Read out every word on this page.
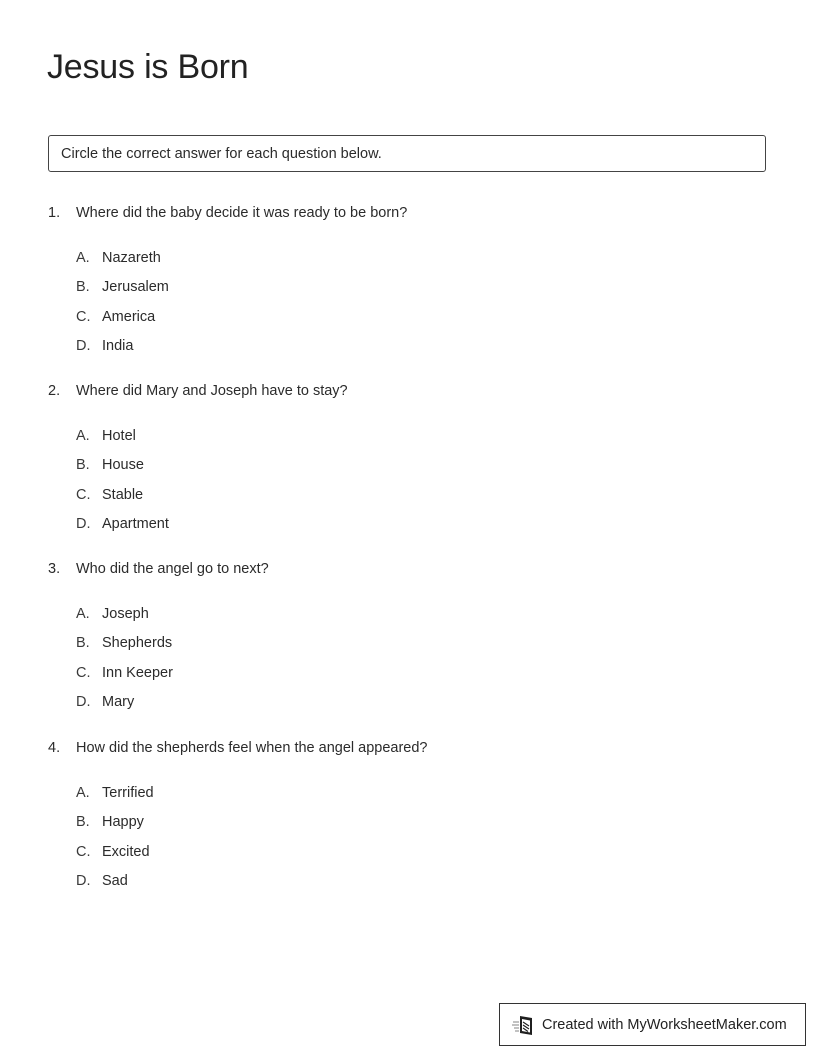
Jesus is Born
Circle the correct answer for each question below.
1.	Where did the baby decide it was ready to be born?
A. Nazareth
B. Jerusalem
C. America
D. India
2.	Where did Mary and Joseph have to stay?
A. Hotel
B. House
C. Stable
D. Apartment
3.	Who did the angel go to next?
A. Joseph
B. Shepherds
C. Inn Keeper
D. Mary
4.	How did the shepherds feel when the angel appeared?
A. Terrified
B. Happy
C. Excited
D. Sad
Created with MyWorksheetMaker.com
